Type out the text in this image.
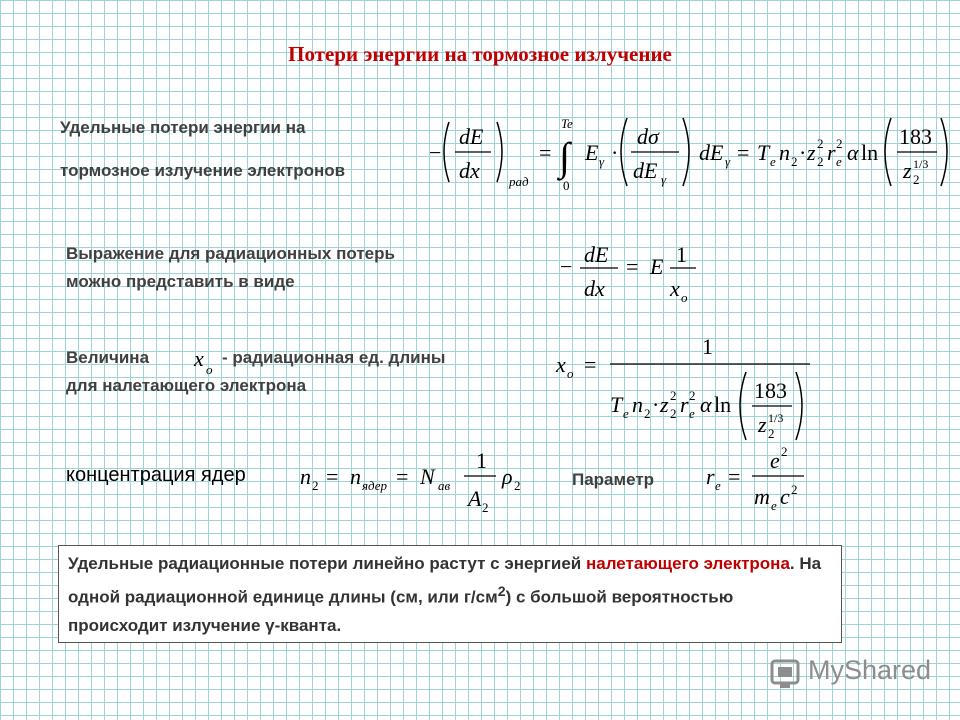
Потери энергии на тормозное излучение
Удельные потери энергии на
тормозное излучение электронов
−
dE
dx рад
=
Te
∫
0
E γ ·
dσ
dE γ
dE γ = T e n 2 · z 2
2 r e
2 α ln
183
z 2
1/3
Выражение для радиационных потерь
можно представить в виде
− dE
dx
= E 1
x o
Величина x o
- радиационная ед. длины
для налетающего электрона
x o =
1
T e n 2 · z 2
2 r e
2 α ln
183
z 2
1/3
концентрация ядер n 2 = n ядер = N ав
1
A 2
ρ 2	Параметр r e =
e 2
m e c 2
Удельные радиационные потери линейно растут с энергией налетающего электрона. На одной радиационной единице длины (см, или $г/см^2$) с большой вероятностью происходит излучение γ-кванта.
MyShared
